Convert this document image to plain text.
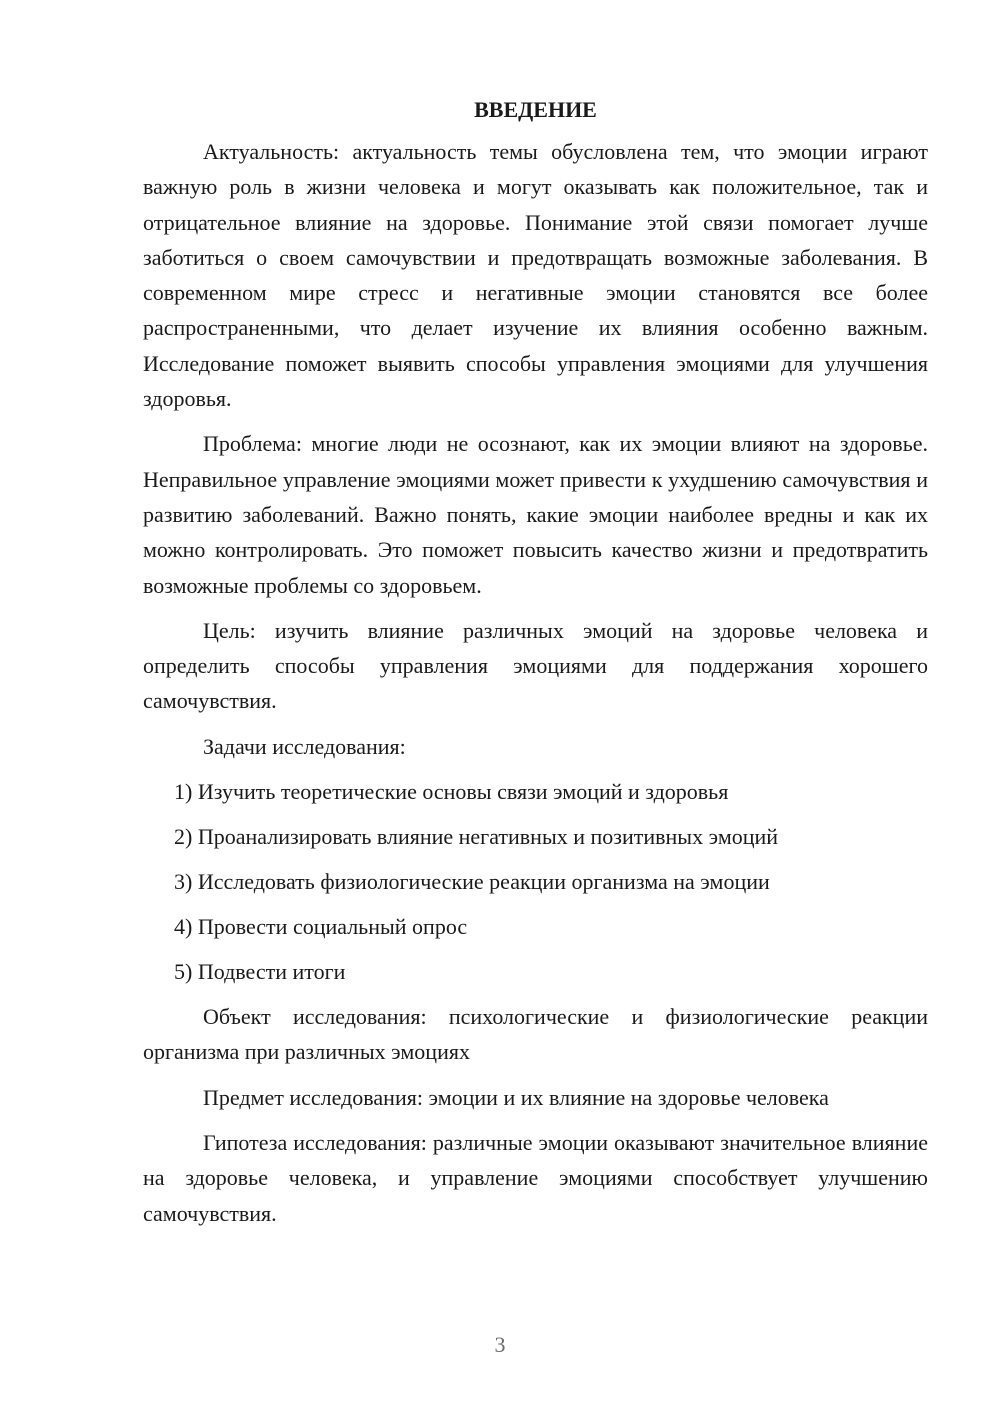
ВВЕДЕНИЕ

Актуальность: актуальность темы обусловлена тем, что эмоции играют важную роль в жизни человека и могут оказывать как положительное, так и отрицательное влияние на здоровье. Понимание этой связи помогает лучше заботиться о своем самочувствии и предотвращать возможные заболевания. В современном мире стресс и негативные эмоции становятся все более распространенными, что делает изучение их влияния особенно важным. Исследование поможет выявить способы управления эмоциями для улучшения здоровья.

Проблема: многие люди не осознают, как их эмоции влияют на здоровье. Неправильное управление эмоциями может привести к ухудшению самочувствия и развитию заболеваний. Важно понять, какие эмоции наиболее вредны и как их можно контролировать. Это поможет повысить качество жизни и предотвратить возможные проблемы со здоровьем.

Цель: изучить влияние различных эмоций на здоровье человека и определить способы управления эмоциями для поддержания хорошего самочувствия.

Задачи исследования:

1) Изучить теоретические основы связи эмоций и здоровья
2) Проанализировать влияние негативных и позитивных эмоций
3) Исследовать физиологические реакции организма на эмоции
4) Провести социальный опрос
5) Подвести итоги

Объект исследования: психологические и физиологические реакции организма при различных эмоциях

Предмет исследования: эмоции и их влияние на здоровье человека

Гипотеза исследования: различные эмоции оказывают значительное влияние на здоровье человека, и управление эмоциями способствует улучшению самочувствия.

3
